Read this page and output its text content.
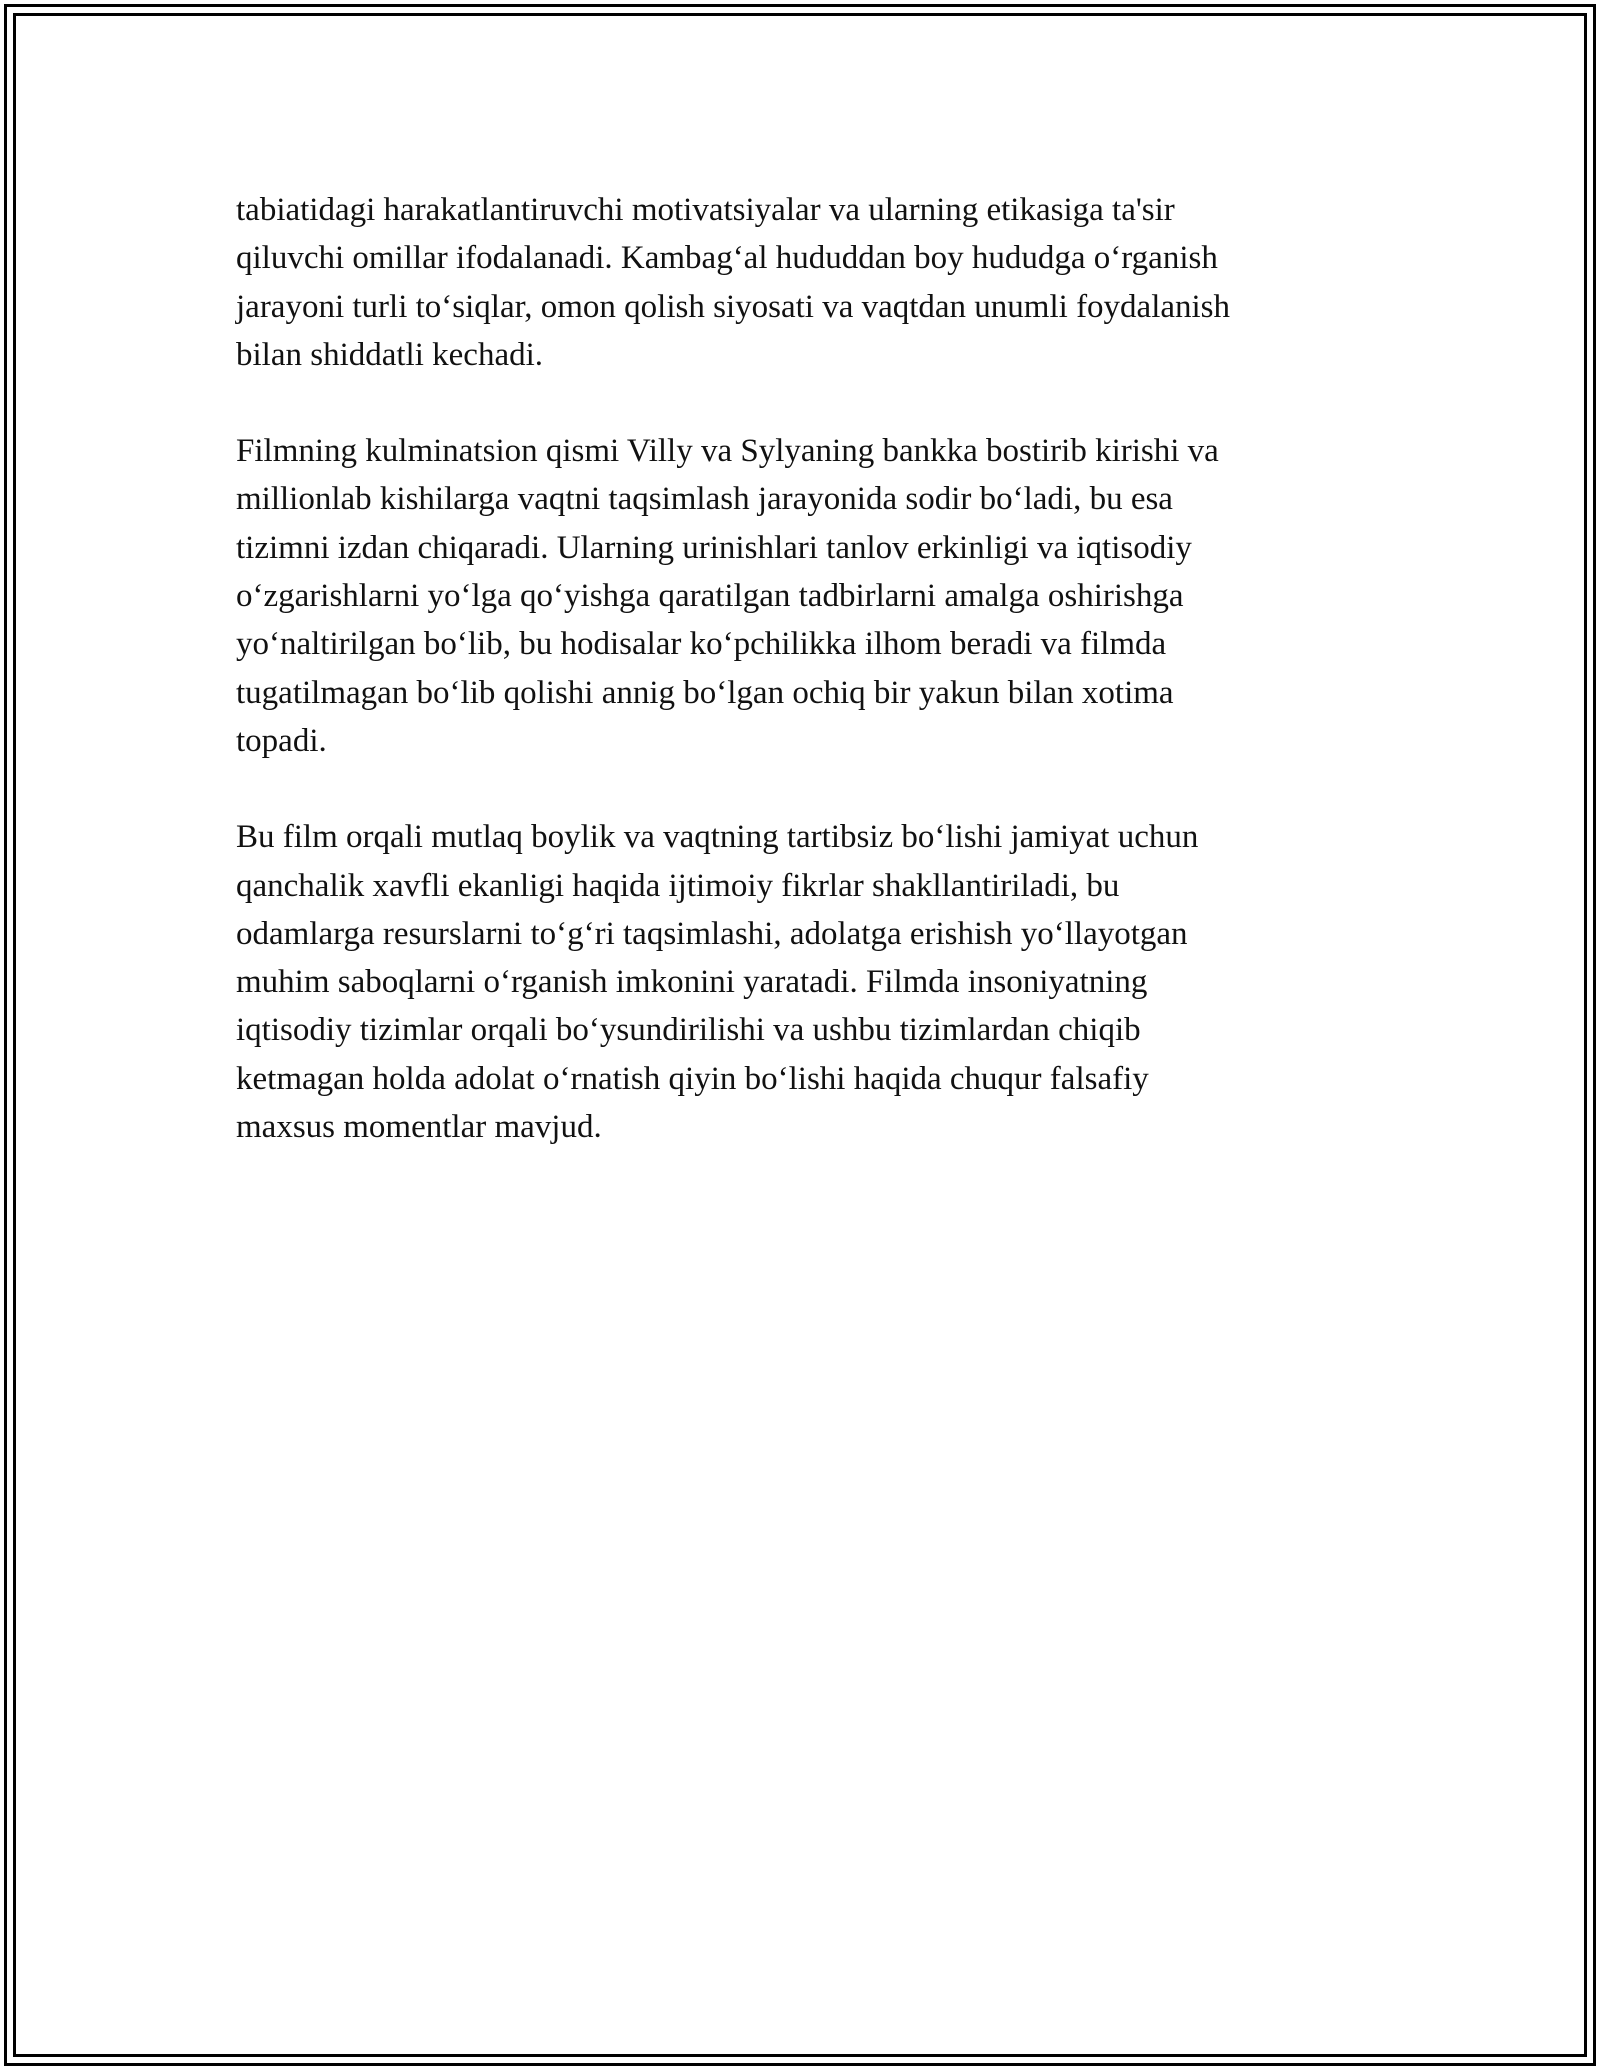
tabiatidagi harakatlantiruvchi motivatsiyalar va ularning etikasiga ta'sir
qiluvchi omillar ifodalanadi. Kambag‘al hududdan boy hududga o‘rganish
jarayoni turli to‘siqlar, omon qolish siyosati va vaqtdan unumli foydalanish
bilan shiddatli kechadi.

Filmning kulminatsion qismi Villy va Sylyaning bankka bostirib kirishi va
millionlab kishilarga vaqtni taqsimlash jarayonida sodir bo‘ladi, bu esa
tizimni izdan chiqaradi. Ularning urinishlari tanlov erkinligi va iqtisodiy
o‘zgarishlarni yo‘lga qo‘yishga qaratilgan tadbirlarni amalga oshirishga
yo‘naltirilgan bo‘lib, bu hodisalar ko‘pchilikka ilhom beradi va filmda
tugatilmagan bo‘lib qolishi annig bo‘lgan ochiq bir yakun bilan xotima
topadi.

Bu film orqali mutlaq boylik va vaqtning tartibsiz bo‘lishi jamiyat uchun
qanchalik xavfli ekanligi haqida ijtimoiy fikrlar shakllantiriladi, bu
odamlarga resurslarni to‘g‘ri taqsimlashi, adolatga erishish yo‘llayotgan
muhim saboqlarni o‘rganish imkonini yaratadi. Filmda insoniyatning
iqtisodiy tizimlar orqali bo‘ysundirilishi va ushbu tizimlardan chiqib
ketmagan holda adolat o‘rnatish qiyin bo‘lishi haqida chuqur falsafiy
maxsus momentlar mavjud.
